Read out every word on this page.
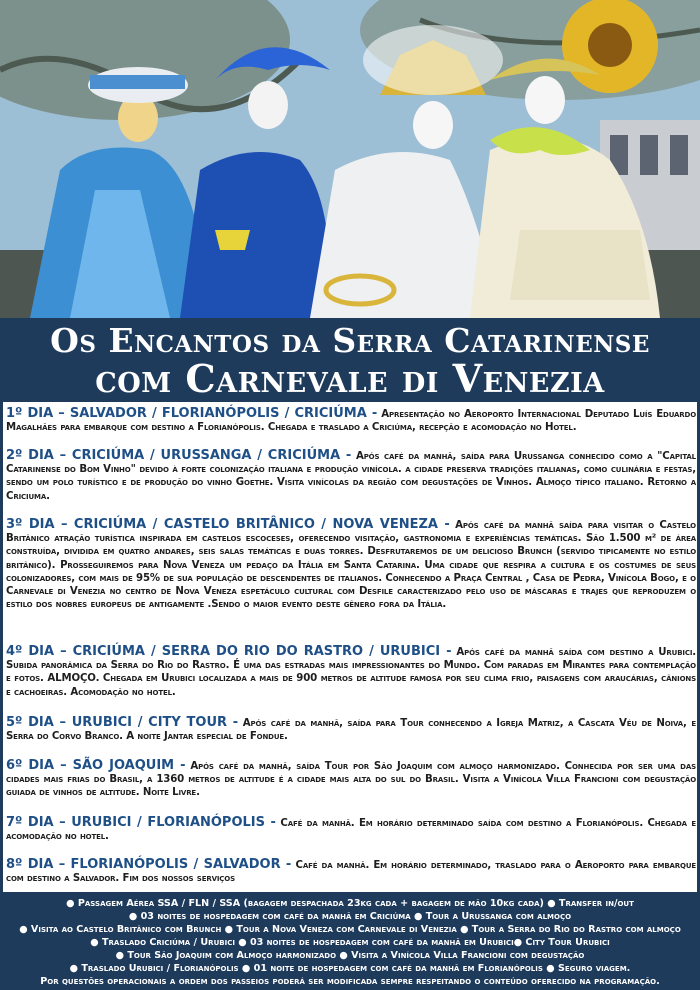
Os Encantos da Serra Catarinense
com Carnevale di Venezia
1º DIA – SALVADOR / FLORIANÓPOLIS / CRICIÚMA - Apresentação no Aeroporto Internacional Deputado Luís Eduardo Magalhães para embarque com destino a Florianópolis. Chegada e traslado a Criciúma, recepção e acomodação no Hotel.
2º DIA – CRICIÚMA / URUSSANGA / CRICIÚMA - Após café da manhã, saída para Urussanga conhecido como a "Capital Catarinense do Bom Vinho" devido à forte colonização italiana e produção vinícola. a cidade preserva tradições italianas, como culinária e festas, sendo um polo turístico e de produção do vinho Goethe. Visita vinícolas da região com degustações de Vinhos. Almoço típico italiano. Retorno a Criciuma.
3º DIA – CRICIÚMA / CASTELO BRITÂNICO / NOVA VENEZA - Após café da manhã saída para visitar o Castelo Britânico atração turística inspirada em castelos escoceses, oferecendo visitação, gastronomia e experiências temáticas. São 1.500 m² de área construída, dividida em quatro andares, seis salas temáticas e duas torres. Desfrutaremos de um delicioso Brunch (servido tipicamente no estilo britânico). Prosseguiremos para Nova Veneza um pedaço da Itália em Santa Catarina. Uma cidade que respira a cultura e os costumes de seus colonizadores, com mais de 95% de sua população de descendentes de italianos. Conhecendo a Praça Central , Casa de Pedra, Vinícola Bogo, e o Carnevale di Venezia no centro de Nova Veneza espetáculo cultural com Desfile caracterizado pelo uso de máscaras e trajes que reproduzem o estilo dos nobres europeus de antigamente .Sendo o maior evento deste gênero fora da Itália.
4º DIA – CRICIÚMA / SERRA DO RIO DO RASTRO / URUBICI - Após café da manhã saída com destino a Urubici. Subida panorâmica da Serra do Rio do Rastro. É uma das estradas mais impressionantes do Mundo. Com paradas em Mirantes para contemplação e fotos. ALMOÇO. Chegada em Urubici localizada a mais de 900 metros de altitude famosa por seu clima frio, paisagens com araucárias, cânions e cachoeiras. Acomodação no hotel.
5º DIA – URUBICI / CITY TOUR - Após café da manhã, saída para Tour conhecendo a Igreja Matriz, a Cascata Véu de Noiva, e Serra do Corvo Branco. A noite Jantar especial de Fondue.
6º DIA – SÃO JOAQUIM - Após café da manhã, saída Tour por São Joaquim com almoço harmonizado. Conhecida por ser uma das cidades mais frias do Brasil, a 1360 metros de altitude é a cidade mais alta do sul do Brasil. Visita a Vinícola Villa Francioni com degustação guiada de vinhos de altitude. Noite Livre.
7º DIA – URUBICI / FLORIANÓPOLIS - Café da manhã. Em horário determinado saída com destino a Florianópolis. Chegada e acomodação no hotel.
8º DIA – FLORIANÓPOLIS / SALVADOR - Café da manhã. Em horário determinado, traslado para o Aeroporto para embarque com destino a Salvador. Fim dos nossos serviços
● Passagem Aérea SSA / FLN / SSA (bagagem despachada 23kg cada + bagagem de mão 10kg cada) ● Transfer in/out
● 03 noites de hospedagem com café da manhã em Criciúma ● Tour a Urussanga com almoço
● Visita ao Castelo Britânico com Brunch ● Tour a Nova Veneza com Carnevale di Venezia ● Tour a Serra do Rio do Rastro com almoço
● Traslado Criciúma / Urubici ● 03 noites de hospedagem com café da manhã em Urubici● City Tour Urubici
● Tour São Joaquim com Almoço harmonizado ● Visita a Vinícola Villa Francioni com degustação
● Traslado Urubici / Florianópolis ● 01 noite de hospedagem com café da manhã em Florianópolis ● Seguro viagem.
Por questões operacionais a ordem dos passeios poderá ser modificada sempre respeitando o conteúdo oferecido na programação.
